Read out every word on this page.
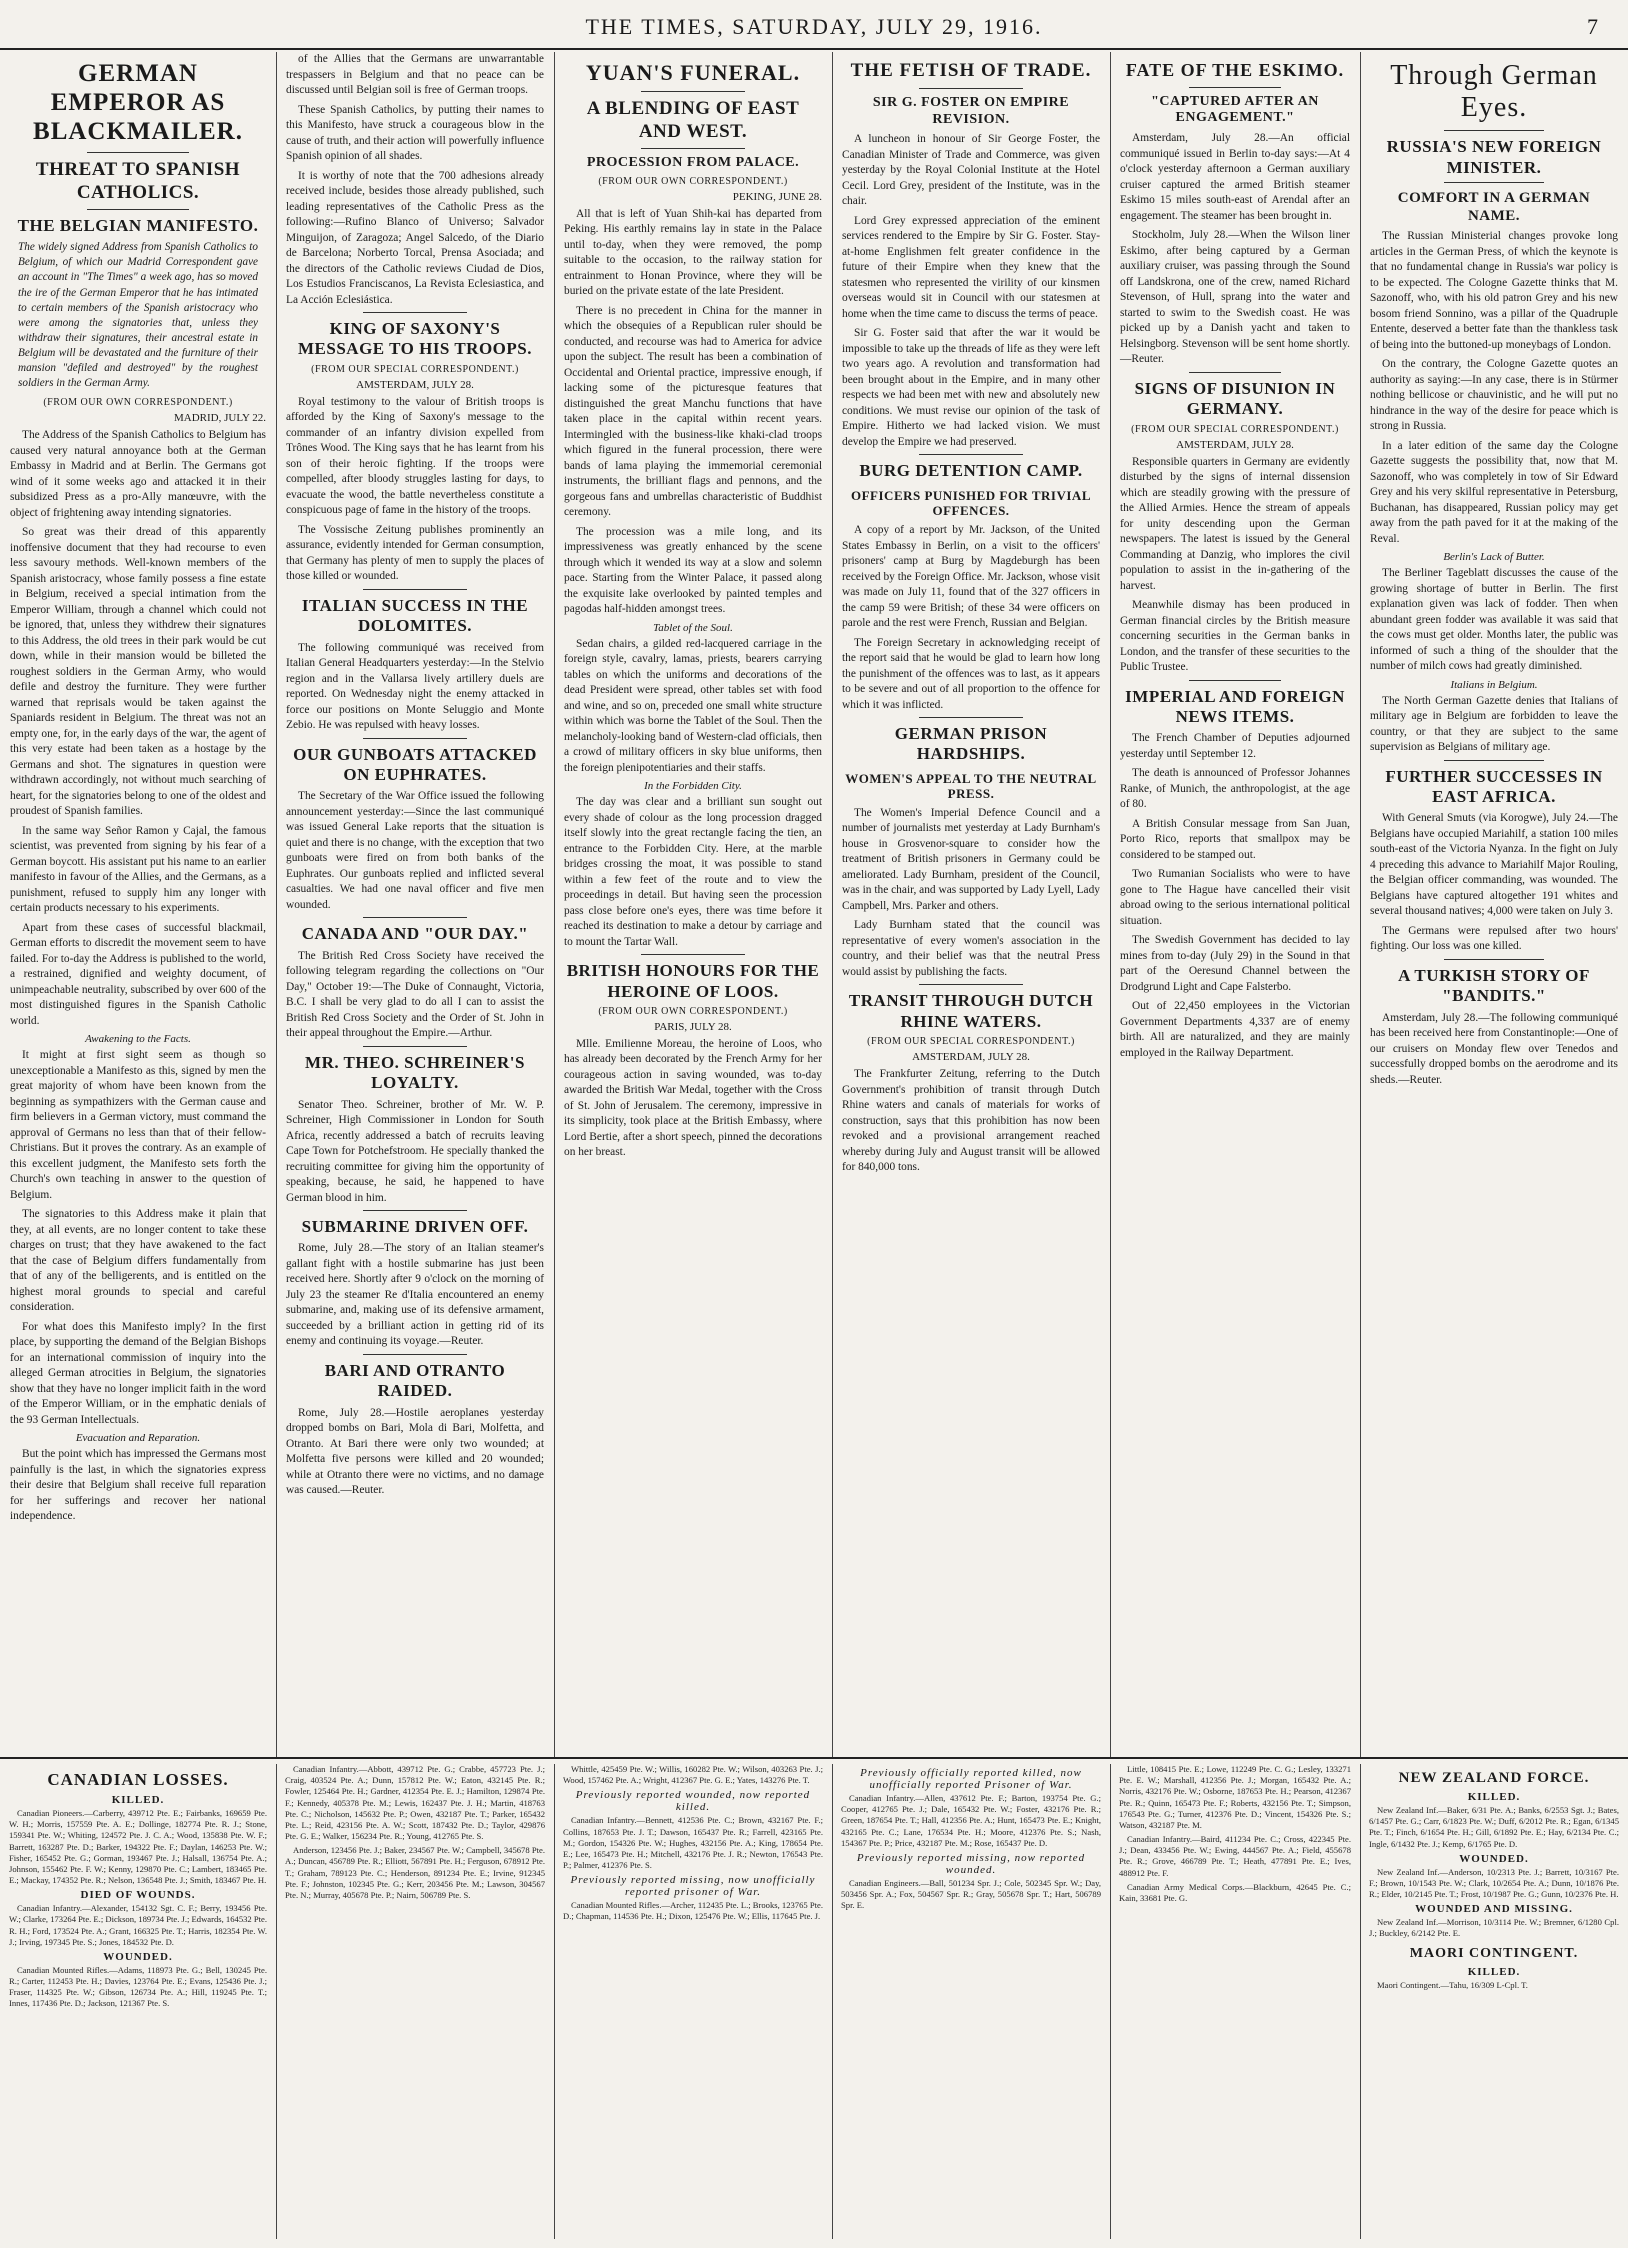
THE TIMES, SATURDAY, JULY 29, 1916.	7
GERMAN EMPEROR AS BLACKMAILER.
THREAT TO SPANISH CATHOLICS.
THE BELGIAN MANIFESTO.
The widely signed Address from Spanish Catholics to Belgium, of which our Madrid Correspondent gave an account in "The Times" a week ago, has so moved the ire of the German Emperor that he has intimated to certain members of the Spanish aristocracy who were among the signatories that, unless they withdraw their signatures, their ancestral estate in Belgium will be devastated and the furniture of their mansion "defiled and destroyed" by the roughest soldiers in the German Army.
(FROM OUR OWN CORRESPONDENT.)
MADRID, JULY 22.

The Address of the Spanish Catholics to Belgium has caused very natural annoyance both at the German Embassy in Madrid and at Berlin. The Germans got wind of it some weeks ago and attacked it in their subsidized Press as a pro-Ally manœuvre, with the object of frightening away intending signatories.

So great was their dread of this apparently inoffensive document that they had recourse to even less savoury methods. Well-known members of the Spanish aristocracy, whose family possess a fine estate in Belgium, received a special intimation from the Emperor William, through a channel which could not be ignored, that, unless they withdrew their signatures to this Address, the old trees in their park would be cut down, while in their mansion would be billeted the roughest soldiers in the German Army, who would defile and destroy the furniture. They were further warned that reprisals would be taken against the Spaniards resident in Belgium. The threat was not an empty one, for, in the early days of the war, the agent of this very estate had been taken as a hostage by the Germans and shot. The signatures in question were withdrawn accordingly, not without much searching of heart, for the signatories belong to one of the oldest and proudest of Spanish families.

In the same way Señor Ramon y Cajal, the famous scientist, was prevented from signing by his fear of a German boycott. His assistant put his name to an earlier manifesto in favour of the Allies, and the Germans, as a punishment, refused to supply him any longer with certain products necessary to his experiments.

Apart from these cases of successful blackmail, German efforts to discredit the movement seem to have failed. For to-day the Address is published to the world, a restrained, dignified and weighty document, of unimpeachable neutrality, subscribed by over 600 of the most distinguished figures in the Spanish Catholic world.

Awakening to the Facts.

It might at first sight seem as though so unexceptionable a Manifesto as this, signed by men the great majority of whom have been known from the beginning as sympathizers with the German cause and firm believers in a German victory, must command the approval of Germans no less than that of their fellow-Christians. But it proves the contrary. As an example of this excellent judgment, the Manifesto sets forth the Church's own teaching in answer to the question of Belgium.

The signatories to this Address make it plain that they, at all events, are no longer content to take these charges on trust; that they have awakened to the fact that the case of Belgium differs fundamentally from that of any of the belligerents, and is entitled on the highest moral grounds to special and careful consideration.

For what does this Manifesto imply? In the first place, by supporting the demand of the Belgian Bishops for an international commission of inquiry into the alleged German atrocities in Belgium, the signatories show that they have no longer implicit faith in the word of the Emperor William, or in the emphatic denials of the 93 German Intellectuals.

Evacuation and Reparation.

But the point which has impressed the Germans most painfully is the last, in which the signatories express their desire that Belgium shall receive full reparation for her sufferings and recover her national independence.

of the Allies that the Germans are unwarrantable trespassers in Belgium and that no peace can be discussed until Belgian soil is free of German troops.

These Spanish Catholics, by putting their names to this Manifesto, have struck a courageous blow in the cause of truth, and their action will powerfully influence Spanish opinion of all shades.

It is worthy of note that the 700 adhesions already received include, besides those already published, such leading representatives of the Catholic Press as the following:—Rufino Blanco of Universo; Salvador Minguijon, of Zaragoza; Angel Salcedo, of the Diario de Barcelona; Norberto Torcal, Prensa Asociada; and the directors of the Catholic reviews Ciudad de Dios, Los Estudios Franciscanos, La Revista Eclesiastica, and La Acción Eclesiástica.

KING OF SAXONY'S MESSAGE TO HIS TROOPS.
(FROM OUR SPECIAL CORRESPONDENT.)
AMSTERDAM, JULY 28.

Royal testimony to the valour of British troops is afforded by the King of Saxony's message to the commander of an infantry division expelled from Trônes Wood. The King says that he has learnt from his son of their heroic fighting. If the troops were compelled, after bloody struggles lasting for days, to evacuate the wood, the battle nevertheless constitute a conspicuous page of fame in the history of the troops.

The Vossische Zeitung publishes prominently an assurance, evidently intended for German consumption, that Germany has plenty of men to supply the places of those killed or wounded.

ITALIAN SUCCESS IN THE DOLOMITES.

The following communiqué was received from Italian General Headquarters yesterday:—In the Stelvio region and in the Vallarsa lively artillery duels are reported. On Wednesday night the enemy attacked in force our positions on Monte Seluggio and Monte Zebio. He was repulsed with heavy losses.

OUR GUNBOATS ATTACKED ON EUPHRATES.

The Secretary of the War Office issued the following announcement yesterday:—Since the last communiqué was issued General Lake reports that the situation is quiet and there is no change, with the exception that two gunboats were fired on from both banks of the Euphrates. Our gunboats replied and inflicted several casualties. We had one naval officer and five men wounded.

CANADA AND "OUR DAY."

The British Red Cross Society have received the following telegram regarding the collections on "Our Day," October 19:—The Duke of Connaught, Victoria, B.C. I shall be very glad to do all I can to assist the British Red Cross Society and the Order of St. John in their appeal throughout the Empire.—Arthur.

MR. THEO. SCHREINER'S LOYALTY.

Senator Theo. Schreiner, brother of Mr. W. P. Schreiner, High Commissioner in London for South Africa, recently addressed a batch of recruits leaving Cape Town for Potchefstroom. He specially thanked the recruiting committee for giving him the opportunity of speaking, because, he said, he happened to have German blood in him.

SUBMARINE DRIVEN OFF.

Rome, July 28.—The story of an Italian steamer's gallant fight with a hostile submarine has just been received here. Shortly after 9 o'clock on the morning of July 23 the steamer Re d'Italia encountered an enemy submarine, and, making use of its defensive armament, succeeded by a brilliant action in getting rid of its enemy and continuing its voyage.—Reuter.

BARI AND OTRANTO RAIDED.

Rome, July 28.—Hostile aeroplanes yesterday dropped bombs on Bari, Mola di Bari, Molfetta, and Otranto. At Bari there were only two wounded; at Molfetta five persons were killed and 20 wounded; while at Otranto there were no victims, and no damage was caused.—Reuter.

YUAN'S FUNERAL.
A BLENDING OF EAST AND WEST.
PROCESSION FROM PALACE.
(FROM OUR OWN CORRESPONDENT.)
PEKING, JUNE 28.

All that is left of Yuan Shih-kai has departed from Peking. His earthly remains lay in state in the Palace until to-day, when they were removed, the pomp suitable to the occasion, to the railway station for entrainment to Honan Province, where they will be buried on the private estate of the late President.

There is no precedent in China for the manner in which the obsequies of a Republican ruler should be conducted, and recourse was had to America for advice upon the subject. The result has been a combination of Occidental and Oriental practice, impressive enough, if lacking some of the picturesque features that distinguished the great Manchu functions that have taken place in the capital within recent years. Intermingled with the business-like khaki-clad troops which figured in the funeral procession, there were bands of lama playing the immemorial ceremonial instruments, the brilliant flags and pennons, and the gorgeous fans and umbrellas characteristic of Buddhist ceremony.

The procession was a mile long, and its impressiveness was greatly enhanced by the scene through which it wended its way at a slow and solemn pace. Starting from the Winter Palace, it passed along the exquisite lake overlooked by painted temples and pagodas half-hidden amongst trees.

Tablet of the Soul.

Sedan chairs, a gilded red-lacquered carriage in the foreign style, cavalry, lamas, priests, bearers carrying tables on which the uniforms and decorations of the dead President were spread, other tables set with food and wine, and so on, preceded one small white structure within which was borne the Tablet of the Soul. Then the melancholy-looking band of Western-clad officials, then a crowd of military officers in sky blue uniforms, then the foreign plenipotentiaries and their staffs.

In the Forbidden City.

The day was clear and a brilliant sun sought out every shade of colour as the long procession dragged itself slowly into the great rectangle facing the tien, an entrance to the Forbidden City. Here, at the marble bridges crossing the moat, it was possible to stand within a few feet of the route and to view the proceedings in detail. But having seen the procession pass close before one's eyes, there was time before it reached its destination to make a detour by carriage and to mount the Tartar Wall.

BRITISH HONOURS FOR THE HEROINE OF LOOS.
(FROM OUR OWN CORRESPONDENT.)
PARIS, JULY 28.

Mlle. Emilienne Moreau, the heroine of Loos, who has already been decorated by the French Army for her courageous action in saving wounded, was to-day awarded the British War Medal, together with the Cross of St. John of Jerusalem. The ceremony, impressive in its simplicity, took place at the British Embassy, where Lord Bertie, after a short speech, pinned the decorations on her breast.

THE FETISH OF TRADE.
SIR G. FOSTER ON EMPIRE REVISION.

A luncheon in honour of Sir George Foster, the Canadian Minister of Trade and Commerce, was given yesterday by the Royal Colonial Institute at the Hotel Cecil. Lord Grey, president of the Institute, was in the chair.

Lord Grey expressed appreciation of the eminent services rendered to the Empire by Sir G. Foster. Stay-at-home Englishmen felt greater confidence in the future of their Empire when they knew that the statesmen who represented the virility of our kinsmen overseas would sit in Council with our statesmen at home when the time came to discuss the terms of peace.

Sir G. Foster said that after the war it would be impossible to take up the threads of life as they were left two years ago. A revolution and transformation had been brought about in the Empire, and in many other respects we had been met with new and absolutely new conditions. We must revise our opinion of the task of Empire. Hitherto we had lacked vision. We must develop the Empire we had preserved.

BURG DETENTION CAMP.
OFFICERS PUNISHED FOR TRIVIAL OFFENCES.

A copy of a report by Mr. Jackson, of the United States Embassy in Berlin, on a visit to the officers' prisoners' camp at Burg by Magdeburgh has been received by the Foreign Office. Mr. Jackson, whose visit was made on July 11, found that of the 327 officers in the camp 59 were British; of these 34 were officers on parole and the rest were French, Russian and Belgian.

The Foreign Secretary in acknowledging receipt of the report said that he would be glad to learn how long the punishment of the offences was to last, as it appears to be severe and out of all proportion to the offence for which it was inflicted.

GERMAN PRISON HARDSHIPS.
WOMEN'S APPEAL TO THE NEUTRAL PRESS.

The Women's Imperial Defence Council and a number of journalists met yesterday at Lady Burnham's house in Grosvenor-square to consider how the treatment of British prisoners in Germany could be ameliorated. Lady Burnham, president of the Council, was in the chair, and was supported by Lady Lyell, Lady Campbell, Mrs. Parker and others.

Lady Burnham stated that the council was representative of every women's association in the country, and their belief was that the neutral Press would assist by publishing the facts.

TRANSIT THROUGH DUTCH RHINE WATERS.
(FROM OUR SPECIAL CORRESPONDENT.)
AMSTERDAM, JULY 28.

The Frankfurter Zeitung, referring to the Dutch Government's prohibition of transit through Dutch Rhine waters and canals of materials for works of construction, says that this prohibition has now been revoked and a provisional arrangement reached whereby during July and August transit will be allowed for 840,000 tons.

FATE OF THE ESKIMO.
"CAPTURED AFTER AN ENGAGEMENT."

Amsterdam, July 28.—An official communiqué issued in Berlin to-day says:—At 4 o'clock yesterday afternoon a German auxiliary cruiser captured the armed British steamer Eskimo 15 miles south-east of Arendal after an engagement. The steamer has been brought in.

Stockholm, July 28.—When the Wilson liner Eskimo, after being captured by a German auxiliary cruiser, was passing through the Sound off Landskrona, one of the crew, named Richard Stevenson, of Hull, sprang into the water and started to swim to the Swedish coast. He was picked up by a Danish yacht and taken to Helsingborg. Stevenson will be sent home shortly.—Reuter.

SIGNS OF DISUNION IN GERMANY.
(FROM OUR SPECIAL CORRESPONDENT.)
AMSTERDAM, JULY 28.

Responsible quarters in Germany are evidently disturbed by the signs of internal dissension which are steadily growing with the pressure of the Allied Armies. Hence the stream of appeals for unity descending upon the German newspapers. The latest is issued by the General Commanding at Danzig, who implores the civil population to assist in the in-gathering of the harvest.

Meanwhile dismay has been produced in German financial circles by the British measure concerning securities in the German banks in London, and the transfer of these securities to the Public Trustee.

IMPERIAL AND FOREIGN NEWS ITEMS.

The French Chamber of Deputies adjourned yesterday until September 12.

The death is announced of Professor Johannes Ranke, of Munich, the anthropologist, at the age of 80.

A British Consular message from San Juan, Porto Rico, reports that smallpox may be considered to be stamped out.

Two Rumanian Socialists who were to have gone to The Hague have cancelled their visit abroad owing to the serious international political situation.

The Swedish Government has decided to lay mines from to-day (July 29) in the Sound in that part of the Oeresund Channel between the Drodgrund Light and Cape Falsterbo.

Out of 22,450 employees in the Victorian Government Departments 4,337 are of enemy birth. All are naturalized, and they are mainly employed in the Railway Department.

Through German Eyes.
RUSSIA'S NEW FOREIGN MINISTER.
COMFORT IN A GERMAN NAME.

The Russian Ministerial changes provoke long articles in the German Press, of which the keynote is that no fundamental change in Russia's war policy is to be expected. The Cologne Gazette thinks that M. Sazonoff, who, with his old patron Grey and his new bosom friend Sonnino, was a pillar of the Quadruple Entente, deserved a better fate than the thankless task of being into the buttoned-up moneybags of London.

On the contrary, the Cologne Gazette quotes an authority as saying:—In any case, there is in Stürmer nothing bellicose or chauvinistic, and he will put no hindrance in the way of the desire for peace which is strong in Russia.

In a later edition of the same day the Cologne Gazette suggests the possibility that, now that M. Sazonoff, who was completely in tow of Sir Edward Grey and his very skilful representative in Petersburg, Buchanan, has disappeared, Russian policy may get away from the path paved for it at the making of the Reval.

Berlin's Lack of Butter.

The Berliner Tageblatt discusses the cause of the growing shortage of butter in Berlin. The first explanation given was lack of fodder. Then when abundant green fodder was available it was said that the cows must get older. Months later, the public was informed of such a thing of the shoulder that the number of milch cows had greatly diminished.

Italians in Belgium.

The North German Gazette denies that Italians of military age in Belgium are forbidden to leave the country, or that they are subject to the same supervision as Belgians of military age.

FURTHER SUCCESSES IN EAST AFRICA.

With General Smuts (via Korogwe), July 24.—The Belgians have occupied Mariahilf, a station 100 miles south-east of the Victoria Nyanza. In the fight on July 4 preceding this advance to Mariahilf Major Rouling, the Belgian officer commanding, was wounded. The Belgians have captured altogether 191 whites and several thousand natives; 4,000 were taken on July 3.

The Germans were repulsed after two hours' fighting. Our loss was one killed.

A TURKISH STORY OF "BANDITS."

Amsterdam, July 28.—The following communiqué has been received here from Constantinople:—One of our cruisers on Monday flew over Tenedos and successfully dropped bombs on the aerodrome and its sheds.—Reuter.

CANADIAN LOSSES.
KILLED.

Canadian Pioneers.—Carberry, 439712 Pte. E.; Fairbanks, 169659 Pte. W. H.; Morris, 157559 Pte. A. E.; Dollinge, 182774 Pte. R. J.; Stone, 159341 Pte. W.; Whiting, 124572 Pte. J. C. A.; Wood, 135838 Pte. W. F.; Barrett, 163287 Pte. D.; Barker, 194322 Pte. F.; Daylan, 146253 Pte. W.; Fisher, 165452 Pte. G.; Gorman, 193467 Pte. J.; Halsall, 136754 Pte. A.; Johnson, 155462 Pte. F. W.; Kenny, 129870 Pte. C.; Lambert, 183465 Pte. E.; Mackay, 174352 Pte. R.; Nelson, 136548 Pte. J.; Smith, 183467 Pte. H.

DIED OF WOUNDS.

Canadian Infantry.—Alexander, 154132 Sgt. C. F.; Berry, 193456 Pte. W.; Clarke, 173264 Pte. E.; Dickson, 189734 Pte. J.; Edwards, 164532 Pte. R. H.; Ford, 173524 Pte. A.; Grant, 166325 Pte. T.; Harris, 182354 Pte. W. J.; Irving, 197345 Pte. S.; Jones, 184532 Pte. D.

WOUNDED.

Canadian Mounted Rifles.—Adams, 118973 Pte. G.; Bell, 130245 Pte. R.; Carter, 112453 Pte. H.; Davies, 123764 Pte. E.; Evans, 125436 Pte. J.; Fraser, 114325 Pte. W.; Gibson, 126734 Pte. A.; Hill, 119245 Pte. T.; Innes, 117436 Pte. D.; Jackson, 121367 Pte. S.

Canadian Infantry.—Abbott, 439712 Pte. G.; Crabbe, 457723 Pte. J.; Craig, 403524 Pte. A.; Dunn, 157812 Pte. W.; Eaton, 432145 Pte. R.; Fowler, 125464 Pte. H.; Gardner, 412354 Pte. E. J.; Hamilton, 129874 Pte. F.; Kennedy, 405378 Pte. M.; Lewis, 162437 Pte. J. H.; Martin, 418763 Pte. C.; Nicholson, 145632 Pte. P.; Owen, 432187 Pte. T.; Parker, 165432 Pte. L.; Reid, 423156 Pte. A. W.; Scott, 187432 Pte. D.; Taylor, 429876 Pte. G. E.; Walker, 156234 Pte. R.; Young, 412765 Pte. S.

Anderson, 123456 Pte. J.; Baker, 234567 Pte. W.; Campbell, 345678 Pte. A.; Duncan, 456789 Pte. R.; Elliott, 567891 Pte. H.; Ferguson, 678912 Pte. T.; Graham, 789123 Pte. C.; Henderson, 891234 Pte. E.; Irvine, 912345 Pte. F.; Johnston, 102345 Pte. G.; Kerr, 203456 Pte. M.; Lawson, 304567 Pte. N.; Murray, 405678 Pte. P.; Nairn, 506789 Pte. S.

Whittle, 425459 Pte. W.; Willis, 160282 Pte. W.; Wilson, 403263 Pte. J.; Wood, 157462 Pte. A.; Wright, 412367 Pte. G. E.; Yates, 143276 Pte. T.

Previously reported wounded, now reported killed.

Canadian Infantry.—Bennett, 412536 Pte. C.; Brown, 432167 Pte. F.; Collins, 187653 Pte. J. T.; Dawson, 165437 Pte. R.; Farrell, 423165 Pte. M.; Gordon, 154326 Pte. W.; Hughes, 432156 Pte. A.; King, 178654 Pte. E.; Lee, 165473 Pte. H.; Mitchell, 432176 Pte. J. R.; Newton, 176543 Pte. P.; Palmer, 412376 Pte. S.

Previously reported missing, now unofficially reported prisoner of War.

Canadian Mounted Rifles.—Archer, 112435 Pte. L.; Brooks, 123765 Pte. D.; Chapman, 114536 Pte. H.; Dixon, 125476 Pte. W.; Ellis, 117645 Pte. J.

Previously officially reported killed, now unofficially reported Prisoner of War.

Canadian Infantry.—Allen, 437612 Pte. F.; Barton, 193754 Pte. G.; Cooper, 412765 Pte. J.; Dale, 165432 Pte. W.; Foster, 432176 Pte. R.; Green, 187654 Pte. T.; Hall, 412356 Pte. A.; Hunt, 165473 Pte. E.; Knight, 432165 Pte. C.; Lane, 176534 Pte. H.; Moore, 412376 Pte. S.; Nash, 154367 Pte. P.; Price, 432187 Pte. M.; Rose, 165437 Pte. D.

Previously reported missing, now reported wounded.

Canadian Engineers.—Ball, 501234 Spr. J.; Cole, 502345 Spr. W.; Day, 503456 Spr. A.; Fox, 504567 Spr. R.; Gray, 505678 Spr. T.; Hart, 506789 Spr. E.

Little, 108415 Pte. E.; Lowe, 112249 Pte. C. G.; Lesley, 133271 Pte. E. W.; Marshall, 412356 Pte. J.; Morgan, 165432 Pte. A.; Norris, 432176 Pte. W.; Osborne, 187653 Pte. H.; Pearson, 412367 Pte. R.; Quinn, 165473 Pte. F.; Roberts, 432156 Pte. T.; Simpson, 176543 Pte. G.; Turner, 412376 Pte. D.; Vincent, 154326 Pte. S.; Watson, 432187 Pte. M.

Canadian Infantry.—Baird, 411234 Pte. C.; Cross, 422345 Pte. J.; Dean, 433456 Pte. W.; Ewing, 444567 Pte. A.; Field, 455678 Pte. R.; Grove, 466789 Pte. T.; Heath, 477891 Pte. E.; Ives, 488912 Pte. F.

Canadian Army Medical Corps.—Blackburn, 42645 Pte. C.; Kain, 33681 Pte. G.

NEW ZEALAND FORCE.
KILLED.

New Zealand Inf.—Baker, 6/31 Pte. A.; Banks, 6/2553 Sgt. J.; Bates, 6/1457 Pte. G.; Carr, 6/1823 Pte. W.; Duff, 6/2012 Pte. R.; Egan, 6/1345 Pte. T.; Finch, 6/1654 Pte. H.; Gill, 6/1892 Pte. E.; Hay, 6/2134 Pte. C.; Ingle, 6/1432 Pte. J.; Kemp, 6/1765 Pte. D.

WOUNDED.

New Zealand Inf.—Anderson, 10/2313 Pte. J.; Barrett, 10/3167 Pte. F.; Brown, 10/1543 Pte. W.; Clark, 10/2654 Pte. A.; Dunn, 10/1876 Pte. R.; Elder, 10/2145 Pte. T.; Frost, 10/1987 Pte. G.; Gunn, 10/2376 Pte. H.

WOUNDED AND MISSING.

New Zealand Inf.—Morrison, 10/3114 Pte. W.; Bremner, 6/1280 Cpl. J.; Buckley, 6/2142 Pte. E.

MAORI CONTINGENT.
KILLED.

Maori Contingent.—Tahu, 16/309 L-Cpl. T.
